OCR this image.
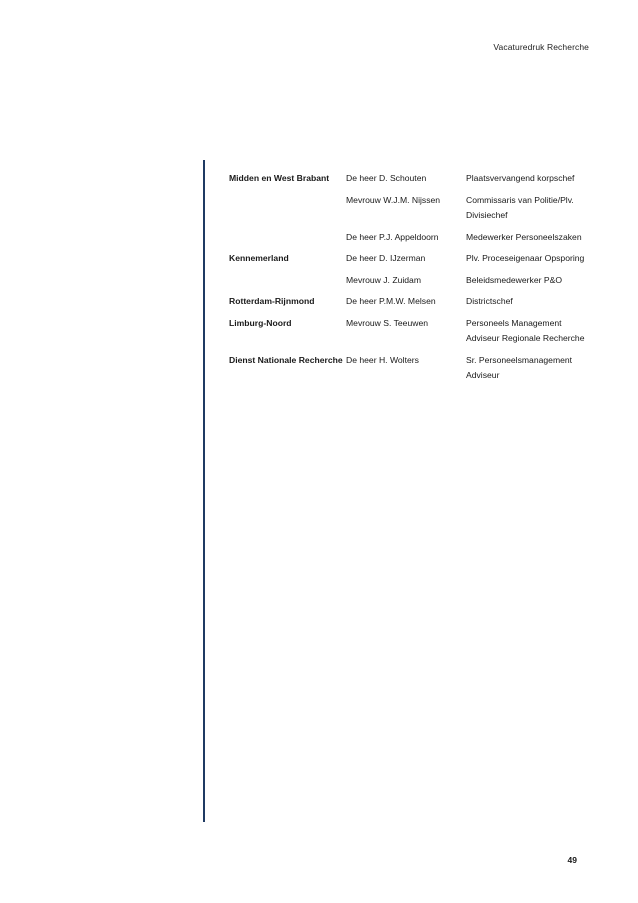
Vacaturedruk Recherche
Midden en West Brabant	De heer D. Schouten	Plaatsvervangend korpschef
	Mevrouw W.J.M. Nijssen	Commissaris van Politie/Plv. Divisiechef
	De heer P.J. Appeldoorn	Medewerker Personeelszaken
Kennemerland	De heer D. IJzerman	Plv. Proceseigenaar Opsporing
	Mevrouw J. Zuidam	Beleidsmedewerker P&O
Rotterdam-Rijnmond	De heer P.M.W. Melsen	Districtschef
Limburg-Noord	Mevrouw S. Teeuwen	Personeels Management Adviseur Regionale Recherche
Dienst Nationale Recherche	De heer H. Wolters	Sr. Personeelsmanagement Adviseur
49
